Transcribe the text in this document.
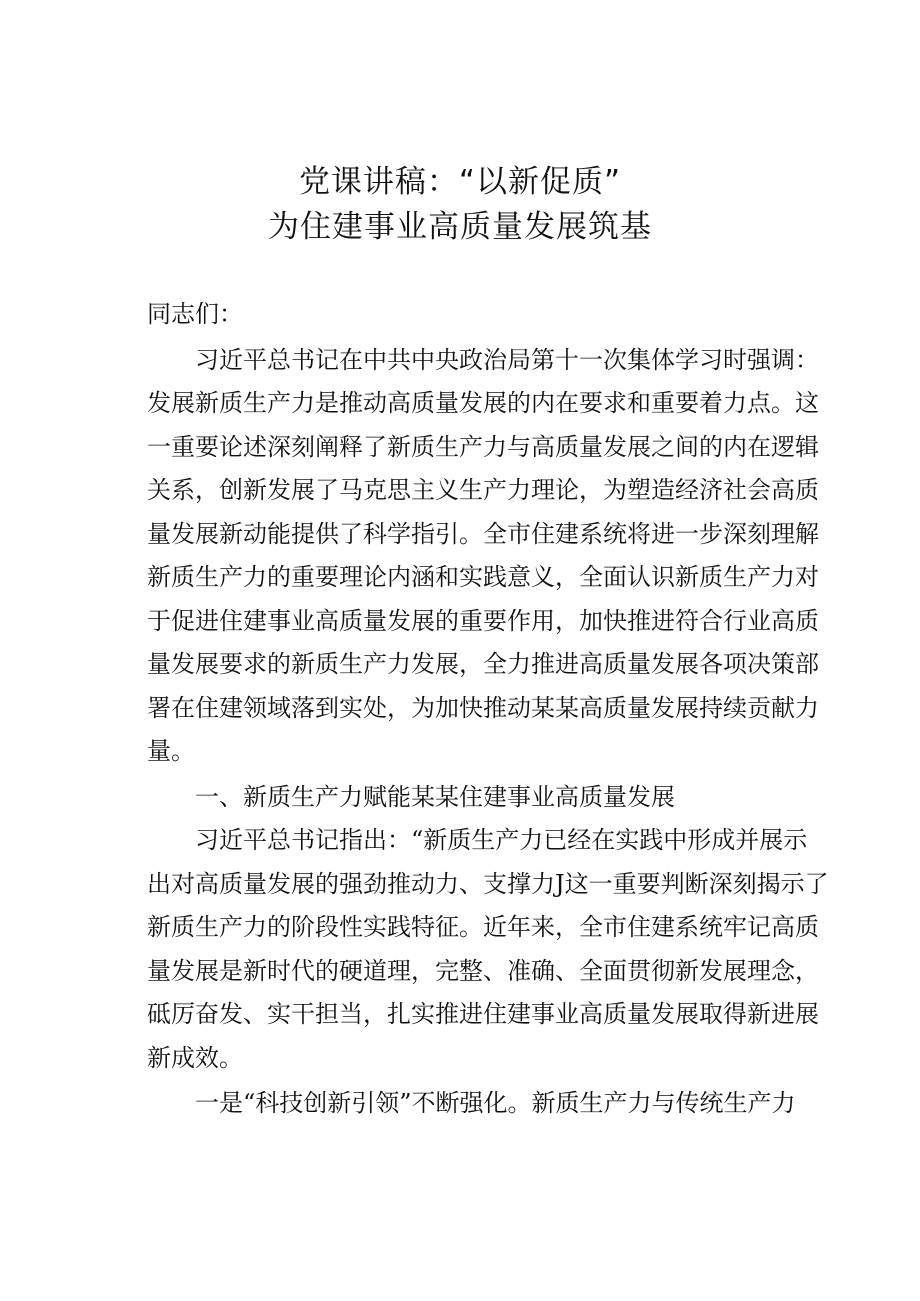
党课讲稿：“以新促质”
为住建事业高质量发展筑基
同志们：
习近平总书记在中共中央政治局第十一次集体学习时强调：
发展新质生产力是推动高质量发展的内在要求和重要着力点。这
一重要论述深刻阐释了新质生产力与高质量发展之间的内在逻辑
关系，创新发展了马克思主义生产力理论，为塑造经济社会高质
量发展新动能提供了科学指引。全市住建系统将进一步深刻理解
新质生产力的重要理论内涵和实践意义，全面认识新质生产力对
于促进住建事业高质量发展的重要作用，加快推进符合行业高质
量发展要求的新质生产力发展，全力推进高质量发展各项决策部
署在住建领域落到实处，为加快推动某某高质量发展持续贡献力
量。
一、新质生产力赋能某某住建事业高质量发展
习近平总书记指出：“新质生产力已经在实践中形成并展示
出对高质量发展的强劲推动力、支撑力J这一重要判断深刻揭示了
新质生产力的阶段性实践特征。近年来，全市住建系统牢记高质
量发展是新时代的硬道理，完整、准确、全面贯彻新发展理念，
砥厉奋发、实干担当，扎实推进住建事业高质量发展取得新进展
新成效。
一是“科技创新引领”不断强化。新质生产力与传统生产力
